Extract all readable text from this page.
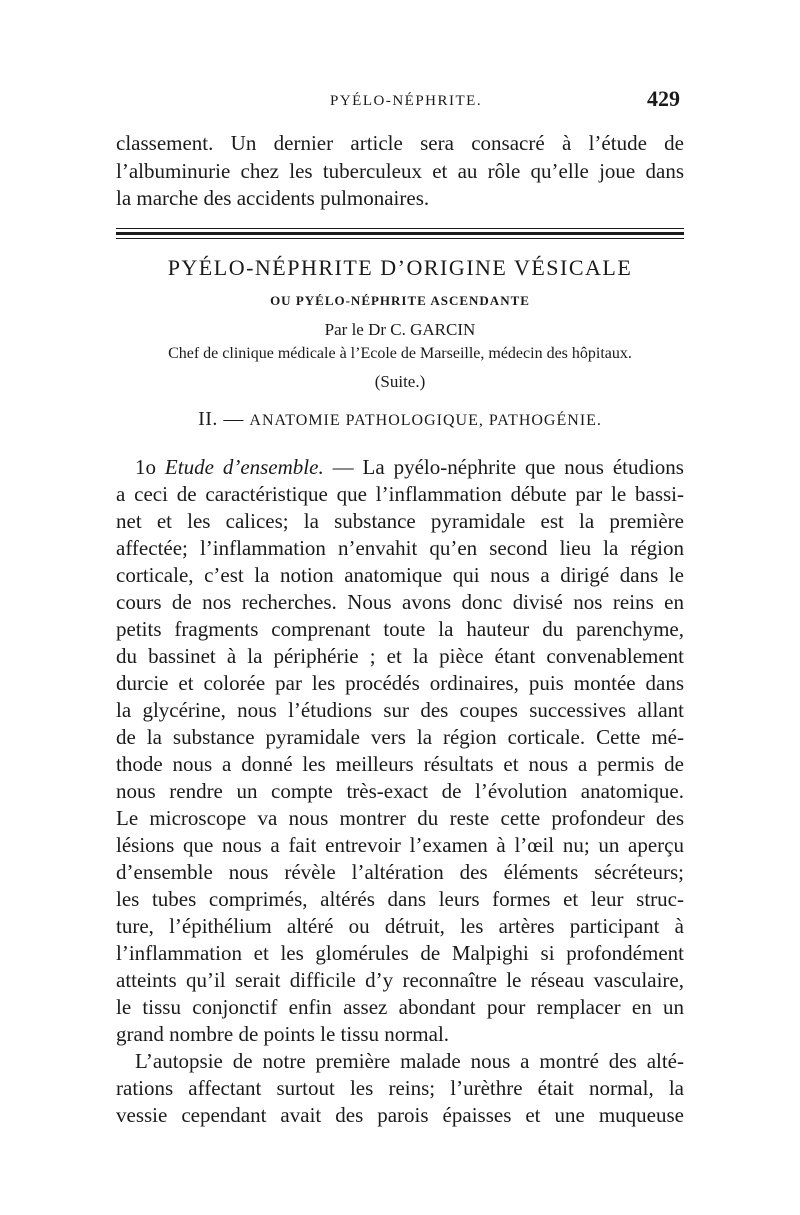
PYÉLO-NÉPHRITE.	429
classement. Un dernier article sera consacré à l’étude de
l’albuminurie chez les tuberculeux et au rôle qu’elle joue dans
la marche des accidents pulmonaires.
PYÉLO-NÉPHRITE D’ORIGINE VÉSICALE
OU PYÉLO-NÉPHRITE ASCENDANTE
Par le Dr C. GARCIN
Chef de clinique médicale à l’Ecole de Marseille, médecin des hôpitaux.
(Suite.)
II. — ANATOMIE PATHOLOGIQUE, PATHOGÉNIE.
1o Etude d’ensemble. — La pyélo-néphrite que nous étudions
a ceci de caractéristique que l’inflammation débute par le bassi-
net et les calices; la substance pyramidale est la première
affectée; l’inflammation n’envahit qu’en second lieu la région
corticale, c’est la notion anatomique qui nous a dirigé dans le
cours de nos recherches. Nous avons donc divisé nos reins en
petits fragments comprenant toute la hauteur du parenchyme,
du bassinet à la périphérie ; et la pièce étant convenablement
durcie et colorée par les procédés ordinaires, puis montée dans
la glycérine, nous l’étudions sur des coupes successives allant
de la substance pyramidale vers la région corticale. Cette mé-
thode nous a donné les meilleurs résultats et nous a permis de
nous rendre un compte très-exact de l’évolution anatomique.
Le microscope va nous montrer du reste cette profondeur des
lésions que nous a fait entrevoir l’examen à l’œil nu; un aperçu
d’ensemble nous révèle l’altération des éléments sécréteurs;
les tubes comprimés, altérés dans leurs formes et leur struc-
ture, l’épithélium altéré ou détruit, les artères participant à
l’inflammation et les glomérules de Malpighi si profondément
atteints qu’il serait difficile d’y reconnaître le réseau vasculaire,
le tissu conjonctif enfin assez abondant pour remplacer en un
grand nombre de points le tissu normal.
L’autopsie de notre première malade nous a montré des alté-
rations affectant surtout les reins; l’urèthre était normal, la
vessie cependant avait des parois épaisses et une muqueuse
